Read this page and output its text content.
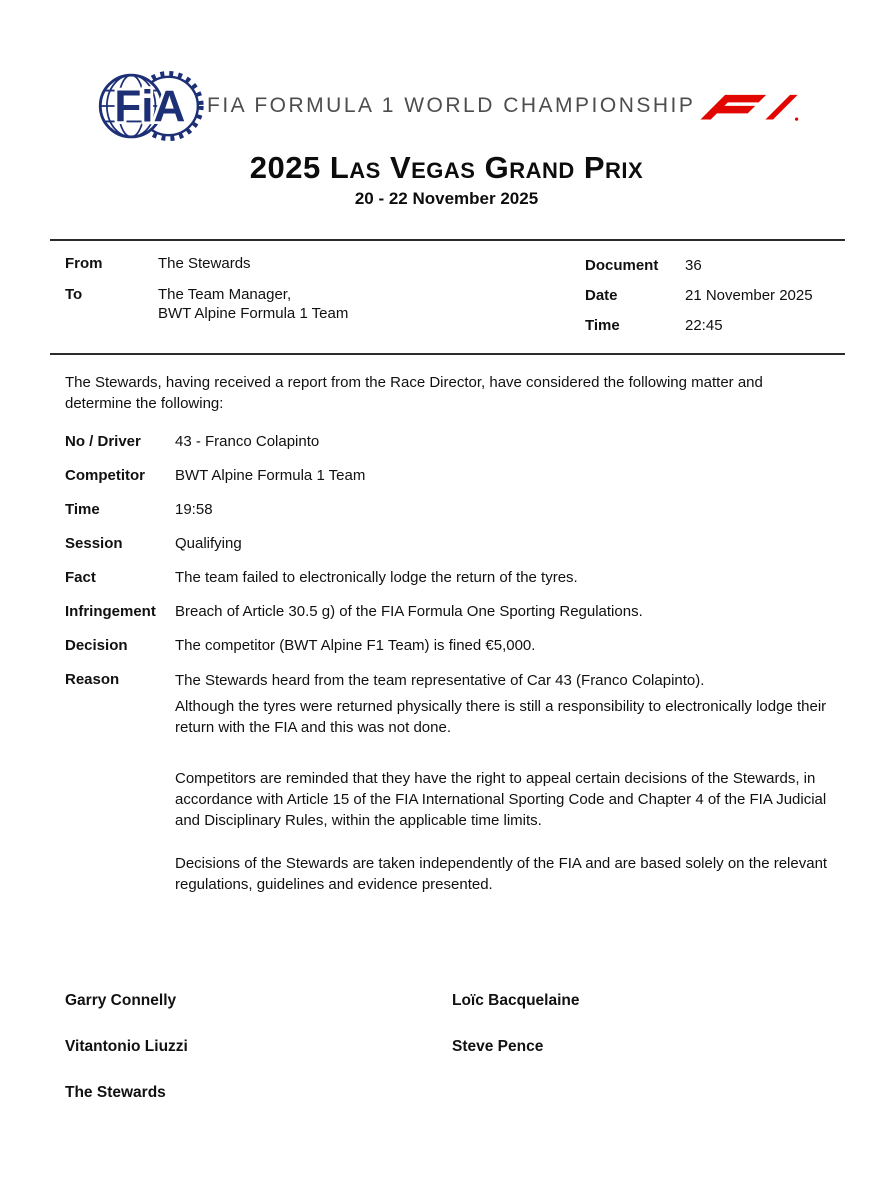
FiA FIA FORMULA 1 WORLD CHAMPIONSHIP
2025 Las Vegas Grand Prix
20 - 22 November 2025
From	The Stewards
To	The Team Manager,
BWT Alpine Formula 1 Team
Document	36
Date	21 November 2025
Time	22:45
The Stewards, having received a report from the Race Director, have considered the following matter and determine the following:
No / Driver	43 - Franco Colapinto
Competitor	BWT Alpine Formula 1 Team
Time	19:58
Session	Qualifying
Fact	The team failed to electronically lodge the return of the tyres.
Infringement	Breach of Article 30.5 g) of the FIA Formula One Sporting Regulations.
Decision	The competitor (BWT Alpine F1 Team) is fined €5,000.
Reason	The Stewards heard from the team representative of Car 43 (Franco Colapinto).

Although the tyres were returned physically there is still a responsibility to electronically lodge their return with the FIA and this was not done.

Competitors are reminded that they have the right to appeal certain decisions of the Stewards, in accordance with Article 15 of the FIA International Sporting Code and Chapter 4 of the FIA Judicial and Disciplinary Rules, within the applicable time limits.

Decisions of the Stewards are taken independently of the FIA and are based solely on the relevant regulations, guidelines and evidence presented.

Garry Connelly	Loïc Bacquelaine
Vitantonio Liuzzi	Steve Pence
The Stewards
